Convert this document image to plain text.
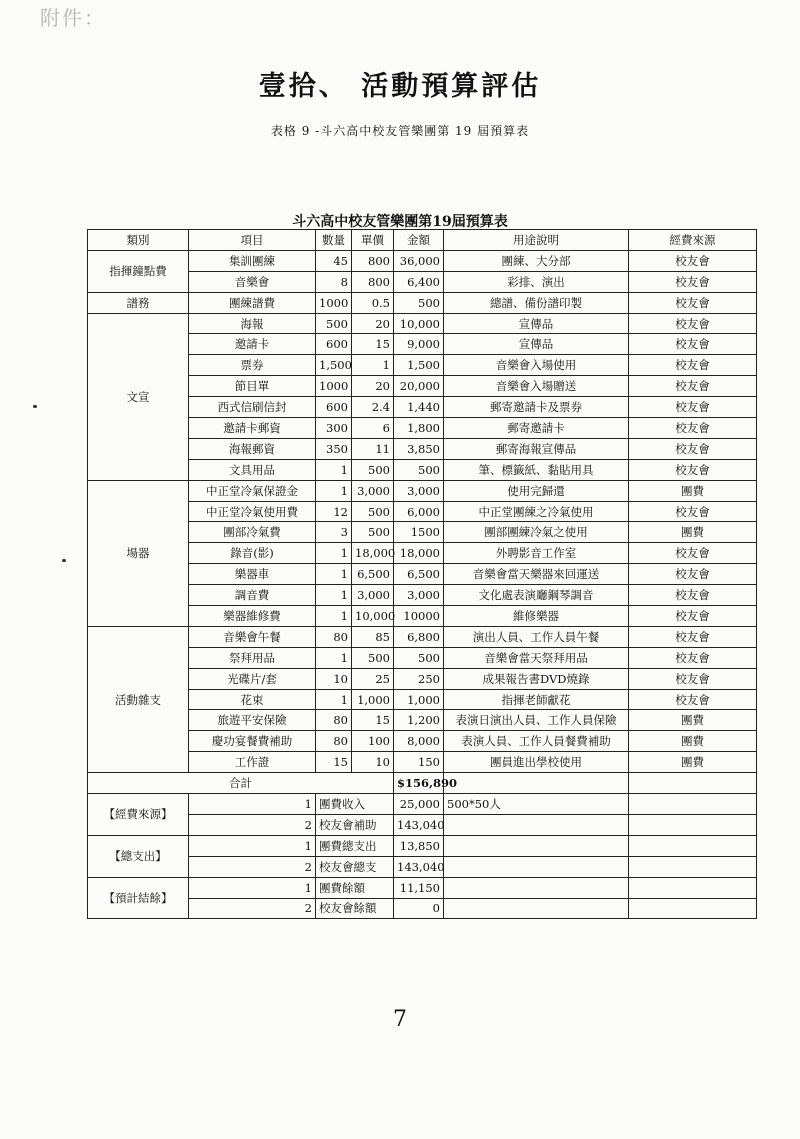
附件：
壹拾、 活動預算評估
表格 9 -斗六高中校友管樂團第 19 屆預算表
斗六高中校友管樂團第19屆預算表
類別	項目	數量	單價	金額	用途說明	經費來源
指揮鐘點費	集訓團練	45	800	36,000	團練、大分部	校友會
	音樂會	8	800	6,400	彩排、演出	校友會
譜務	團練譜費	1000	0.5	500	總譜、備份譜印製	校友會
文宣	海報	500	20	10,000	宣傳品	校友會
	邀請卡	600	15	9,000	宣傳品	校友會
	票券	1,500	1	1,500	音樂會入場使用	校友會
	節目單	1000	20	20,000	音樂會入場贈送	校友會
	西式信刷信封	600	2.4	1,440	郵寄邀請卡及票券	校友會
	邀請卡郵資	300	6	1,800	郵寄邀請卡	校友會
	海報郵資	350	11	3,850	郵寄海報宣傳品	校友會
	文具用品	1	500	500	筆、標籤紙、黏貼用具	校友會
場器	中正堂冷氣保證金	1	3,000	3,000	使用完歸還	團費
	中正堂冷氣使用費	12	500	6,000	中正堂團練之冷氣使用	校友會
	團部冷氣費	3	500	1500	團部團練冷氣之使用	團費
	錄音(影)	1	18,000	18,000	外聘影音工作室	校友會
	樂器車	1	6,500	6,500	音樂會當天樂器來回運送	校友會
	調音費	1	3,000	3,000	文化處表演廳鋼琴調音	校友會
	樂器維修費	1	10,000	10000	維修樂器	校友會
活動雜支	音樂會午餐	80	85	6,800	演出人員、工作人員午餐	校友會
	祭拜用品	1	500	500	音樂會當天祭拜用品	校友會
	光碟片/套	10	25	250	成果報告書DVD燒錄	校友會
	花束	1	1,000	1,000	指揮老師獻花	校友會
	旅遊平安保險	80	15	1,200	表演日演出人員、工作人員保險	團費
	慶功宴餐費補助	80	100	8,000	表演人員、工作人員餐費補助	團費
	工作證	15	10	150	團員進出學校使用	團費
合計				$156,890		
【經費來源】	1	團費收入		25,000	500*50人	
	2	校友會補助		143,040		
【總支出】	1	團費總支出		13,850		
	2	校友會總支		143,040		
【預計結餘】	1	團費餘額		11,150		
	2	校友會餘額		0		
7
